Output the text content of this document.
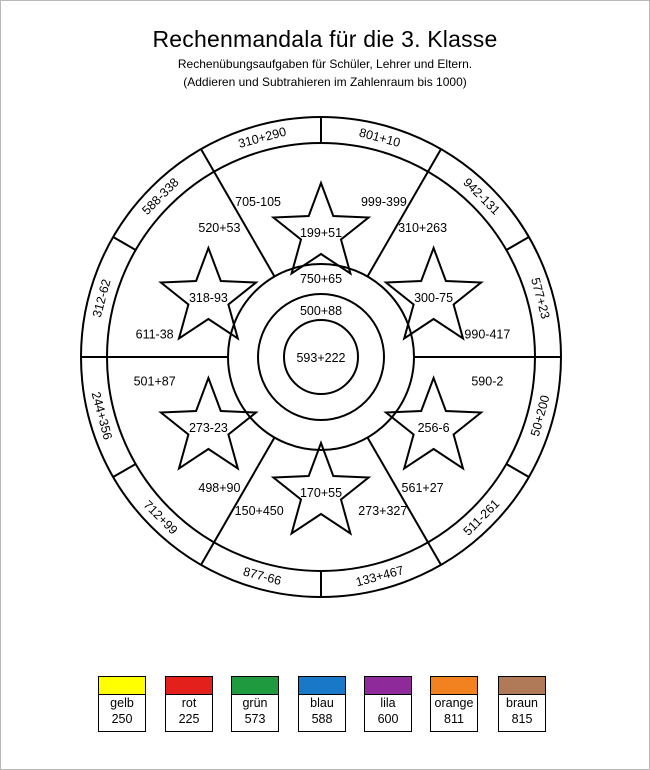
Rechenmandala für die 3. Klasse
Rechenübungsaufgaben für Schüler, Lehrer und Eltern.
(Addieren und Subtrahieren im Zahlenraum bis 1000)
199+51
300-75
256-6
170+55
273-23
318-93
801+10
942-131
577+23
50+200
511-261
133+467
877-66
712+99
244+356
312-62
588-338
310+290
705-105	999-399
310+263
990-417
590-2
561+27
273+327
150+450
498+90
501+87
611-38
520+53
750+65
500+88
593+222
gelb
250
rot
225
grün
573
blau
588
lila
600
orange
811
braun
815
